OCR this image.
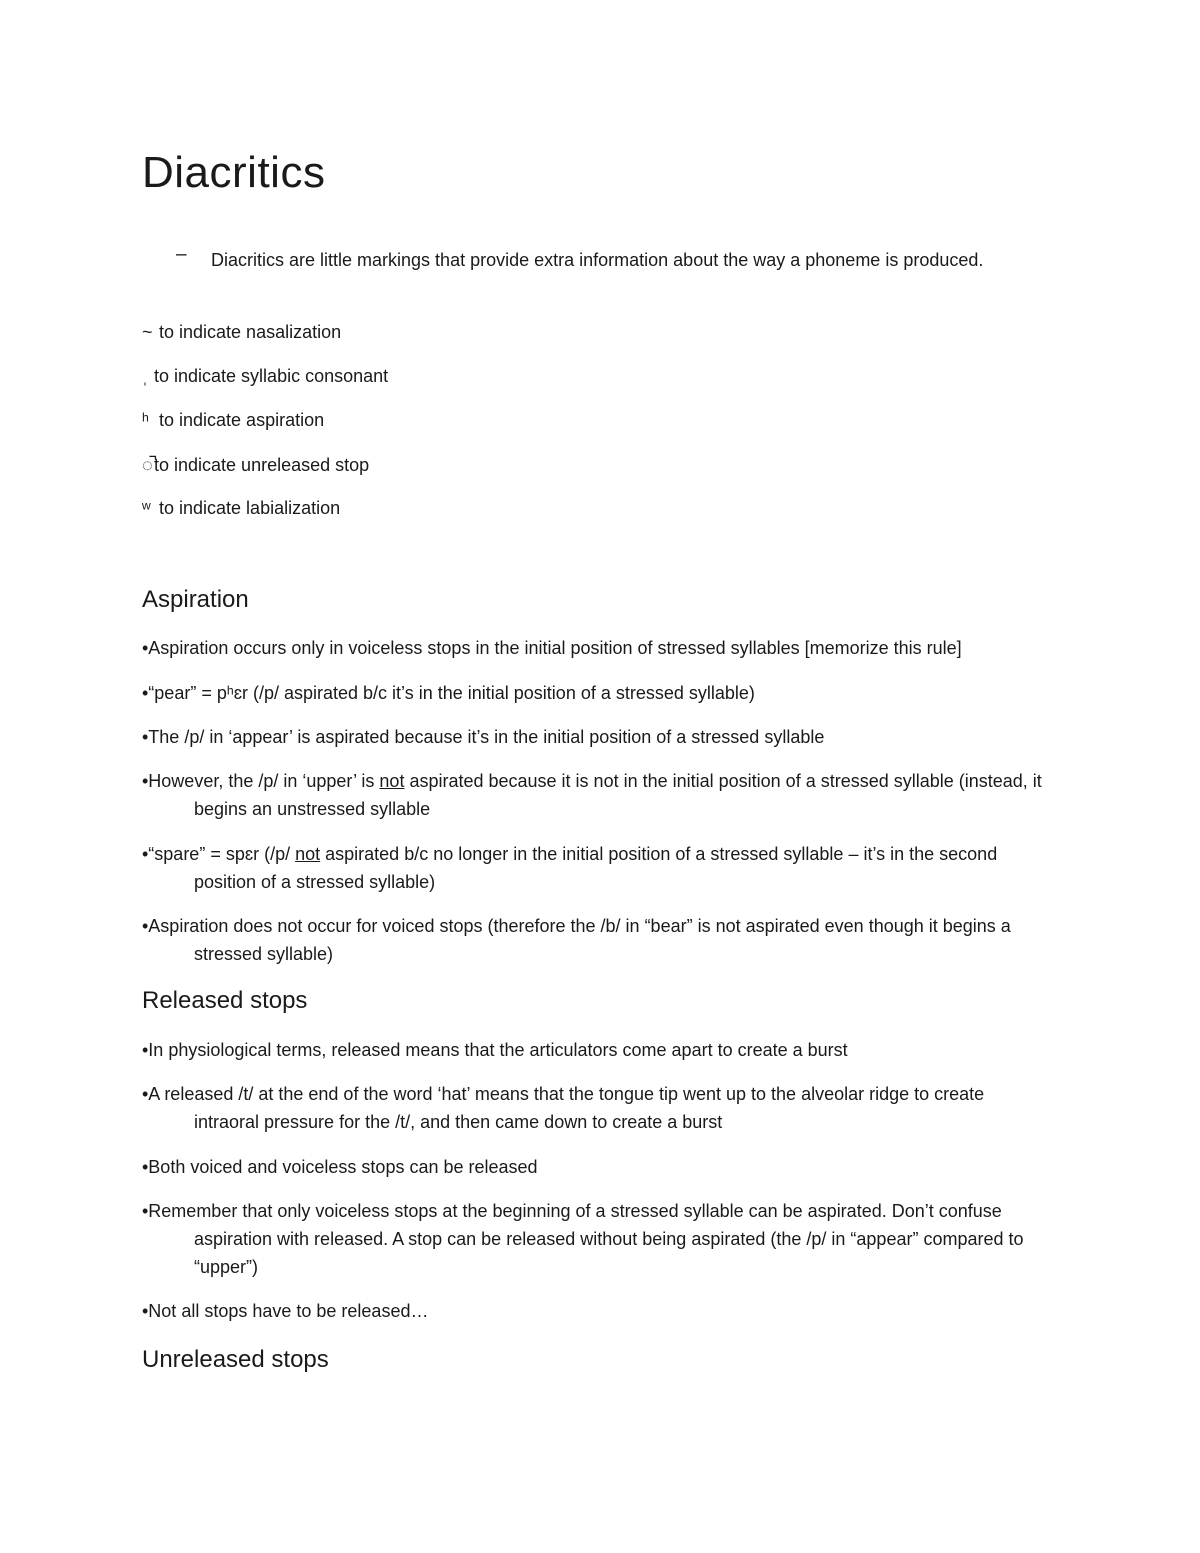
Diacritics
– Diacritics are little markings that provide extra information about the way a phoneme is produced.
~ to indicate nasalization
ˌ to indicate syllabic consonant
ʰ to indicate aspiration
◌̚to indicate unreleased stop
ʷ to indicate labialization
Aspiration
•Aspiration occurs only in voiceless stops in the initial position of stressed syllables [memorize this rule]
•“pear” = pʰɛr (/p/ aspirated b/c it’s in the initial position of a stressed syllable)
•The /p/ in ‘appear’ is aspirated because it’s in the initial position of a stressed syllable
•However, the /p/ in ‘upper’ is not aspirated because it is not in the initial position of a stressed syllable (instead, it begins an unstressed syllable
•“spare” = spɛr (/p/ not aspirated b/c no longer in the initial position of a stressed syllable – it’s in the second position of a stressed syllable)
•Aspiration does not occur for voiced stops (therefore the /b/ in “bear” is not aspirated even though it begins a stressed syllable)
Released stops
•In physiological terms, released means that the articulators come apart to create a burst
•A released /t/ at the end of the word ‘hat’ means that the tongue tip went up to the alveolar ridge to create intraoral pressure for the /t/, and then came down to create a burst
•Both voiced and voiceless stops can be released
•Remember that only voiceless stops at the beginning of a stressed syllable can be aspirated. Don’t confuse aspiration with released. A stop can be released without being aspirated (the /p/ in “appear” compared to “upper”)
•Not all stops have to be released…
Unreleased stops
